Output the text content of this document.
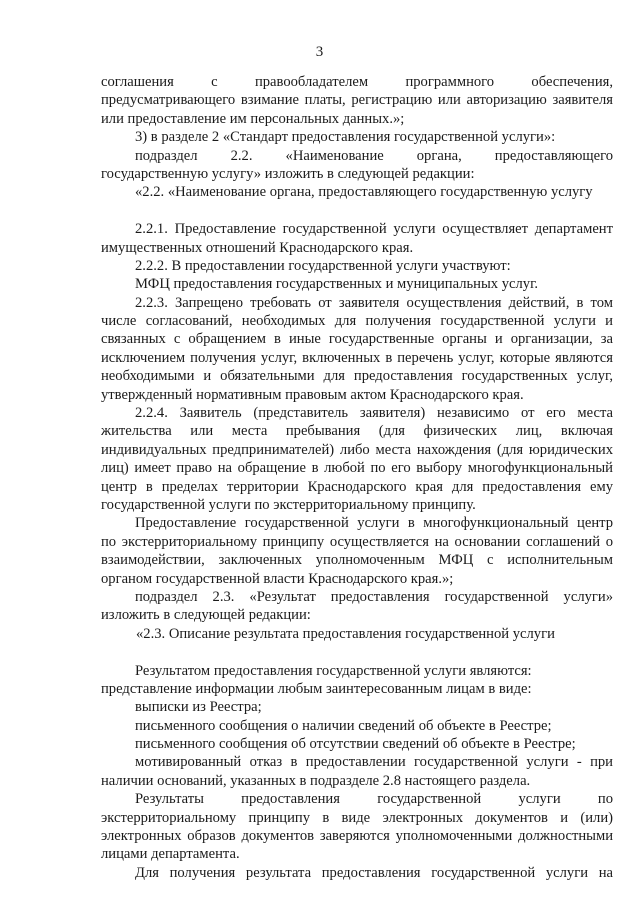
3
соглашения с правообладателем программного обеспечения,
предусматривающего взимание платы, регистрацию или авторизацию заявителя
или предоставление им персональных данных.»;
3) в разделе 2 «Стандарт предоставления государственной услуги»:
подраздел 2.2. «Наименование органа, предоставляющего
государственную услугу» изложить в следующей редакции:
«2.2. «Наименование органа, предоставляющего государственную услугу
2.2.1. Предоставление государственной услуги осуществляет департамент
имущественных отношений Краснодарского края.
2.2.2. В предоставлении государственной услуги участвуют:
МФЦ предоставления государственных и муниципальных услуг.
2.2.3. Запрещено требовать от заявителя осуществления действий, в том
числе согласований, необходимых для получения государственной услуги и
связанных с обращением в иные государственные органы и организации, за
исключением получения услуг, включенных в перечень услуг, которые являются
необходимыми и обязательными для предоставления государственных услуг,
утвержденный нормативным правовым актом Краснодарского края.
2.2.4. Заявитель (представитель заявителя) независимо от его места
жительства или места пребывания (для физических лиц, включая
индивидуальных предпринимателей) либо места нахождения (для юридических
лиц) имеет право на обращение в любой по его выбору многофункциональный
центр в пределах территории Краснодарского края для предоставления ему
государственной услуги по экстерриториальному принципу.
Предоставление государственной услуги в многофункциональный центр
по экстерриториальному принципу осуществляется на основании соглашений о
взаимодействии, заключенных уполномоченным МФЦ с исполнительным
органом государственной власти Краснодарского края.»;
подраздел 2.3. «Результат предоставления государственной услуги»
изложить в следующей редакции:
«2.3. Описание результата предоставления государственной услуги
Результатом предоставления государственной услуги являются:
представление информации любым заинтересованным лицам в виде:
выписки из Реестра;
письменного сообщения о наличии сведений об объекте в Реестре;
письменного сообщения об отсутствии сведений об объекте в Реестре;
мотивированный отказ в предоставлении государственной услуги - при
наличии оснований, указанных в подразделе 2.8 настоящего раздела.
Результаты предоставления государственной услуги по
экстерриториальному принципу в виде электронных документов и (или)
электронных образов документов заверяются уполномоченными должностными
лицами департамента.
Для получения результата предоставления государственной услуги на
